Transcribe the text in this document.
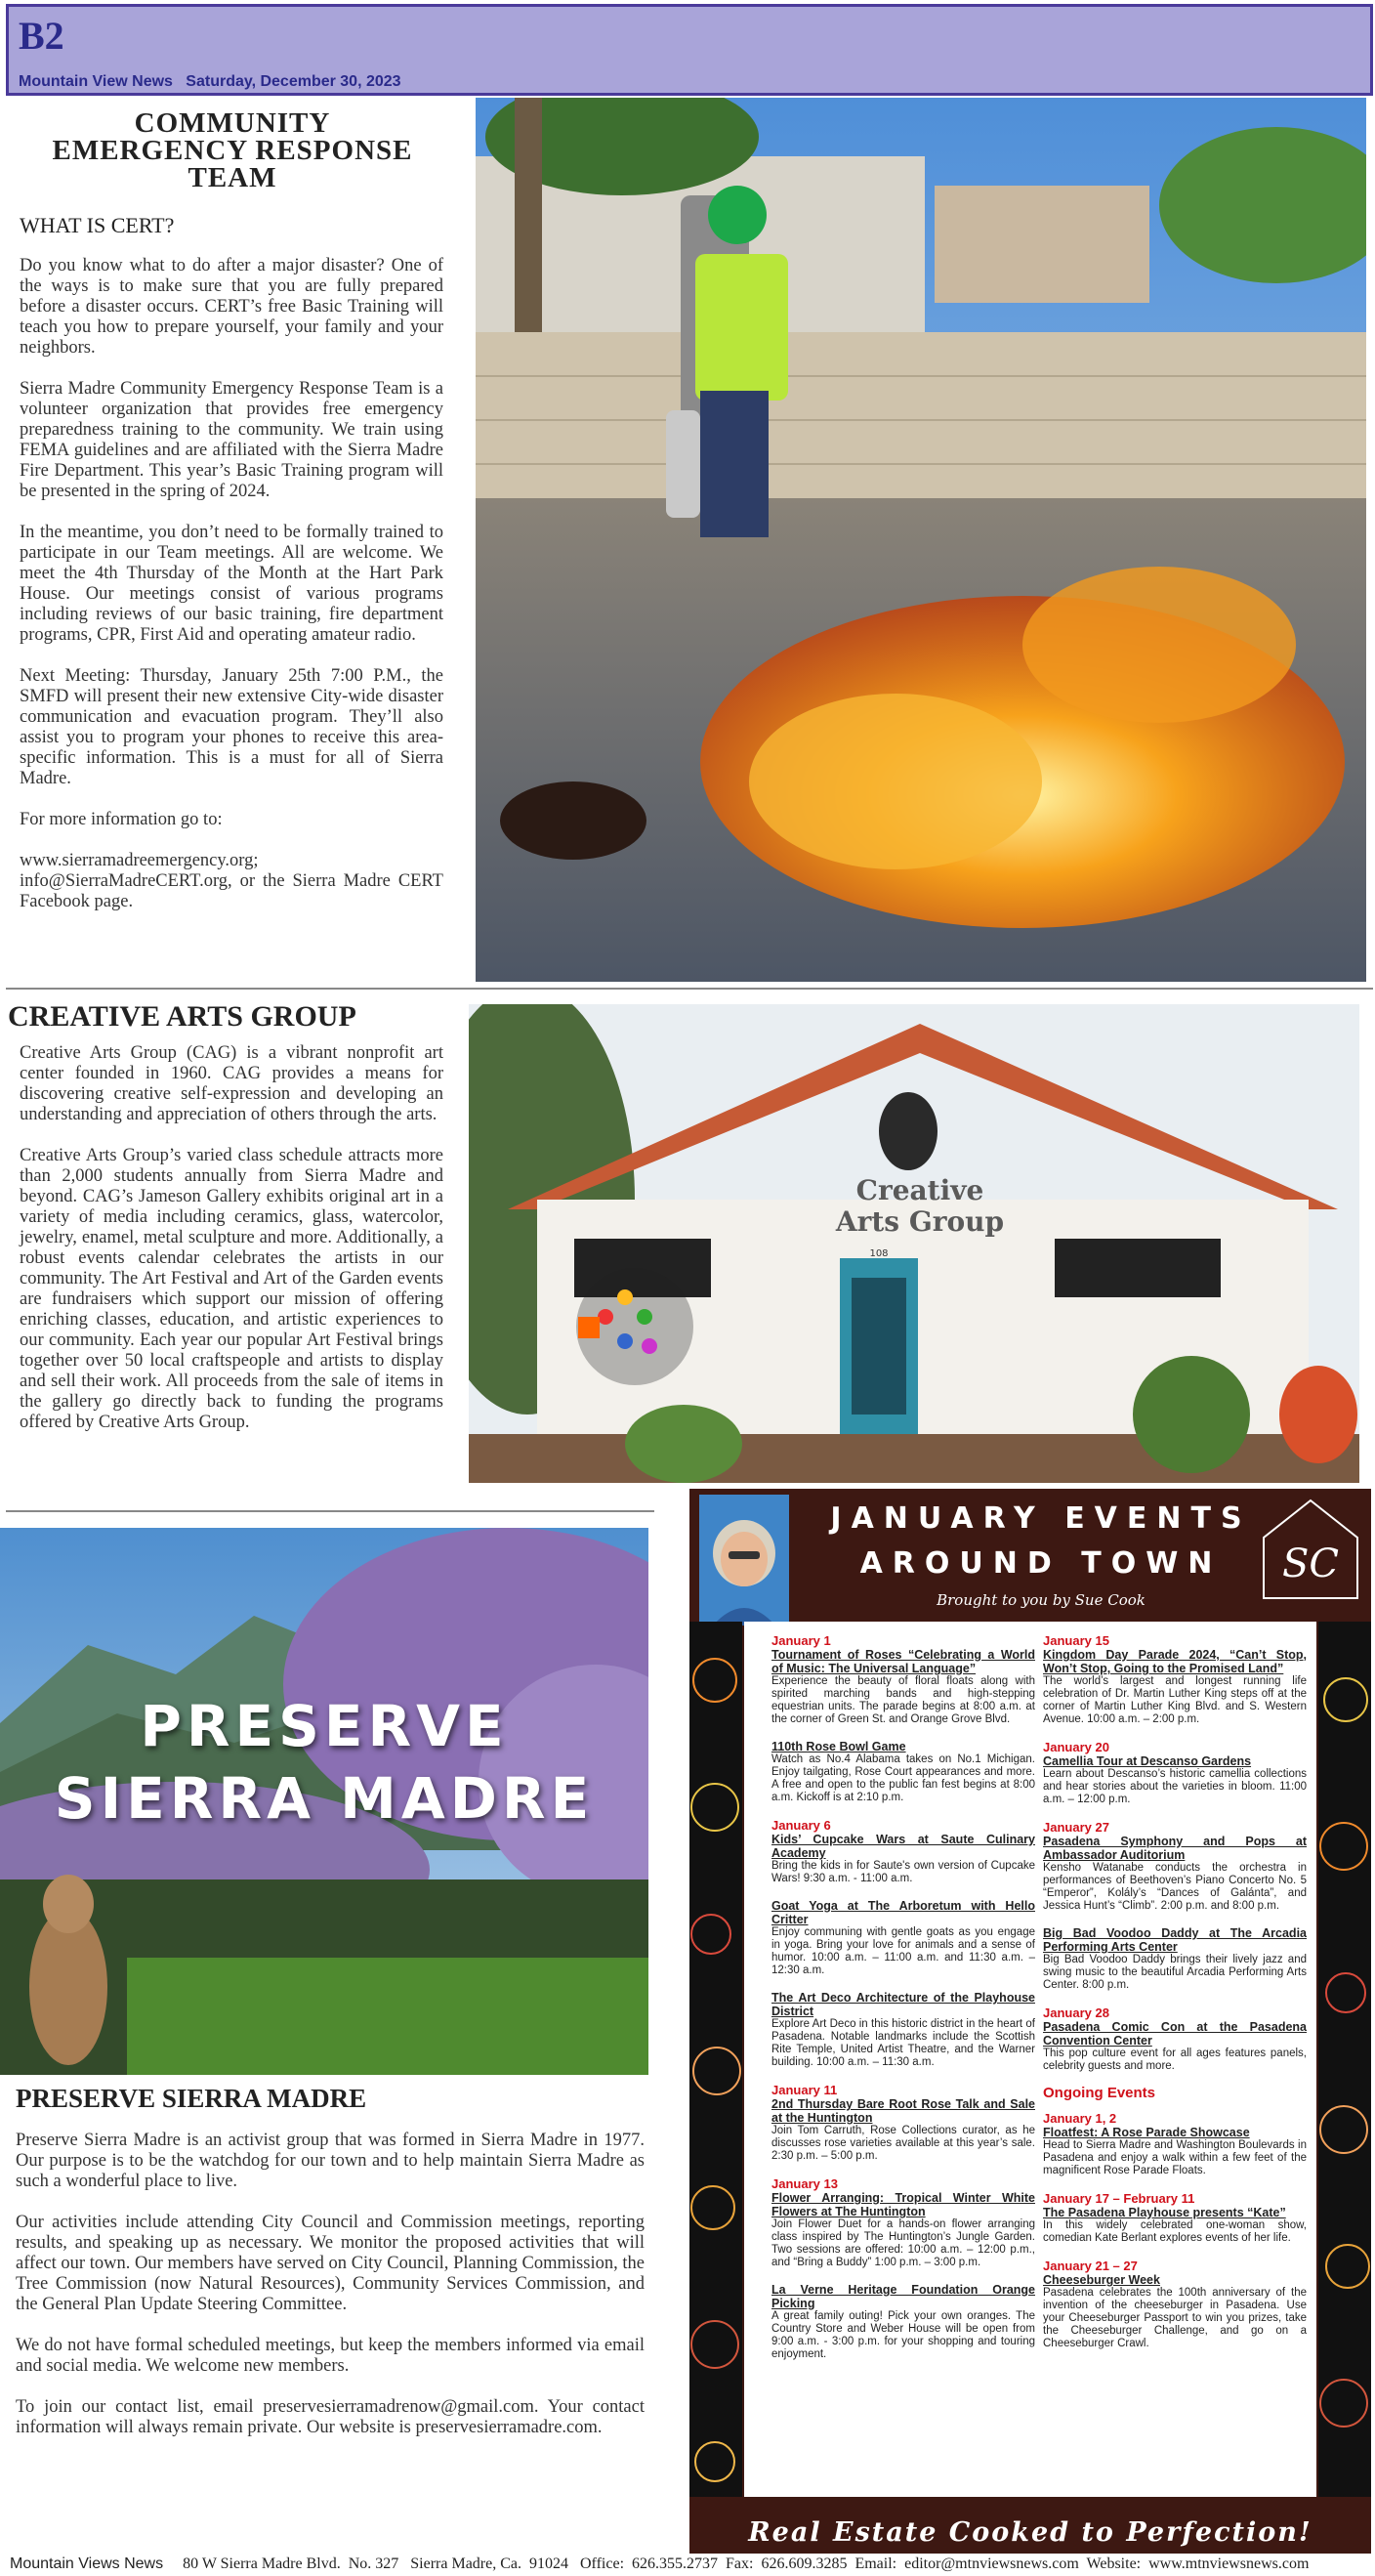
B2
Mountain View News   Saturday, December 30, 2023
COMMUNITY
EMERGENCY RESPONSE
TEAM
WHAT IS CERT?

Do you know what to do after a major disaster? One of the ways is to make sure that you are fully prepared before a disaster occurs. CERT’s free Basic Training will teach you how to prepare yourself, your family and your neighbors.

Sierra Madre Community Emergency Response Team is a volunteer organization that provides free emergency preparedness training to the community. We train using FEMA guidelines and are affiliated with the Sierra Madre Fire Department. This year’s Basic Training program will be presented in the spring of 2024.

In the meantime, you don’t need to be formally trained to participate in our Team meetings. All are welcome. We meet the 4th Thursday of the Month at the Hart Park House. Our meetings consist of various programs including reviews of our basic training, fire department programs, CPR, First Aid and operating amateur radio.

Next Meeting: Thursday, January 25th 7:00 P.M., the SMFD will present their new extensive City-wide disaster communication and evacuation program. They’ll also assist you to program your phones to receive this area-specific information. This is a must for all of Sierra Madre.

For more information go to:

www.sierramadreemergency.org; info@SierraMadreCERT.org, or the Sierra Madre CERT Facebook page.

CREATIVE ARTS GROUP

Creative Arts Group (CAG) is a vibrant nonprofit art center founded in 1960. CAG provides a means for discovering creative self-expression and developing an understanding and appreciation of others through the arts.

Creative Arts Group’s varied class schedule attracts more than 2,000 students annually from Sierra Madre and beyond. CAG’s Jameson Gallery exhibits original art in a variety of media including ceramics, glass, watercolor, jewelry, enamel, metal sculpture and more. Additionally, a robust events calendar celebrates the artists in our community. The Art Festival and Art of the Garden events are fundraisers which support our mission of offering enriching classes, education, and artistic experiences to our community. Each year our popular Art Festival brings together over 50 local craftspeople and artists to display and sell their work. All proceeds from the sale of items in the gallery go directly back to funding the programs offered by Creative Arts Group.

Creative
Arts Group
108
PRESERVE
SIERRA MADRE
PRESERVE SIERRA MADRE

Preserve Sierra Madre is an activist group that was formed in Sierra Madre in 1977. Our purpose is to be the watchdog for our town and to help maintain Sierra Madre as such a wonderful place to live.

Our activities include attending City Council and Commission meetings, reporting results, and speaking up as necessary. We monitor the proposed activities that will affect our town. Our members have served on City Council, Planning Commission, the Tree Commission (now Natural Resources), Community Services Commission, and the General Plan Update Steering Committee.

We do not have formal scheduled meetings, but keep the members informed via email and social media. We welcome new members.

To join our contact list, email preservesierramadrenow@gmail.com. Your contact information will always remain private. Our website is preservesierramadre.com.

JANUARY EVENTS
AROUND TOWN
Brought to you by Sue Cook
SC
January 1
Tournament of Roses “Celebrating a World of Music: The Universal Language”
Experience the beauty of floral floats along with spirited marching bands and high-stepping equestrian units. The parade begins at 8:00 a.m. at the corner of Green St. and Orange Grove Blvd.
110th Rose Bowl Game
Watch as No.4 Alabama takes on No.1 Michigan. Enjoy tailgating, Rose Court appearances and more. A free and open to the public fan fest begins at 8:00 a.m. Kickoff is at 2:10 p.m.
January 6
Kids’ Cupcake Wars at Saute Culinary Academy
Bring the kids in for Saute's own version of Cupcake Wars! 9:30 a.m. - 11:00 a.m.
Goat Yoga at The Arboretum with Hello Critter
Enjoy communing with gentle goats as you engage in yoga. Bring your love for animals and a sense of humor. 10:00 a.m. – 11:00 a.m. and 11:30 a.m. – 12:30 a.m.
The Art Deco Architecture of the Playhouse District
Explore Art Deco in this historic district in the heart of Pasadena. Notable landmarks include the Scottish Rite Temple, United Artist Theatre, and the Warner building. 10:00 a.m. – 11:30 a.m.
January 11
2nd Thursday Bare Root Rose Talk and Sale at the Huntington
Join Tom Carruth, Rose Collections curator, as he discusses rose varieties available at this year’s sale. 2:30 p.m. – 5:00 p.m.
January 13
Flower Arranging: Tropical Winter White Flowers at The Huntington
Join Flower Duet for a hands-on flower arranging class inspired by The Huntington’s Jungle Garden. Two sessions are offered: 10:00 a.m. – 12:00 p.m., and “Bring a Buddy” 1:00 p.m. – 3:00 p.m.
La Verne Heritage Foundation Orange Picking
A great family outing! Pick your own oranges. The Country Store and Weber House will be open from 9:00 a.m. - 3:00 p.m. for your shopping and touring enjoyment.
January 15
Kingdom Day Parade 2024, “Can’t Stop, Won’t Stop, Going to the Promised Land”
The world’s largest and longest running life celebration of Dr. Martin Luther King steps off at the corner of Martin Luther King Blvd. and S. Western Avenue. 10:00 a.m. – 2:00 p.m.
January 20
Camellia Tour at Descanso Gardens
Learn about Descanso’s historic camellia collections and hear stories about the varieties in bloom. 11:00 a.m. – 12:00 p.m.
January 27
Pasadena Symphony and Pops at Ambassador Auditorium
Kensho Watanabe conducts the orchestra in performances of Beethoven’s Piano Concerto No. 5 “Emperor”, Kolály’s “Dances of Galánta”, and Jessica Hunt’s “Climb”. 2:00 p.m. and 8:00 p.m.
Big Bad Voodoo Daddy at The Arcadia Performing Arts Center
Big Bad Voodoo Daddy brings their lively jazz and swing music to the beautiful Arcadia Performing Arts Center. 8:00 p.m.
January 28
Pasadena Comic Con at the Pasadena Convention Center
This pop culture event for all ages features panels, celebrity guests and more.
Ongoing Events
January 1, 2
Floatfest: A Rose Parade Showcase
Head to Sierra Madre and Washington Boulevards in Pasadena and enjoy a walk within a few feet of the magnificent Rose Parade Floats.
January 17 – February 11
The Pasadena Playhouse presents “Kate”
In this widely celebrated one-woman show, comedian Kate Berlant explores events of her life.
January 21 – 27
Cheeseburger Week
Pasadena celebrates the 100th anniversary of the invention of the cheeseburger in Pasadena. Use your Cheeseburger Passport to win you prizes, take the Cheeseburger Challenge, and go on a Cheeseburger Crawl.
Real Estate Cooked to Perfection!
Mountain Views News     80 W Sierra Madre Blvd.  No. 327   Sierra Madre, Ca.  91024   Office:  626.355.2737  Fax:  626.609.3285  Email:  editor@mtnviewsnews.com  Website:  www.mtnviewsnews.com
